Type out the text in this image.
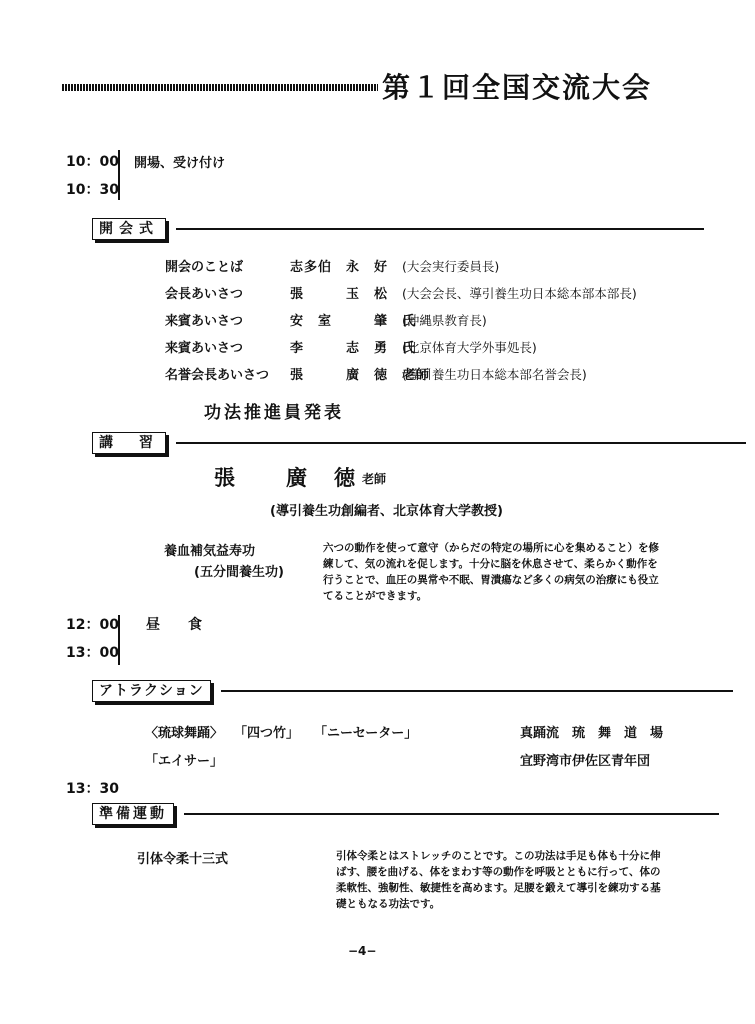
第１回全国交流大会
10：00 開場、受け付け
10：30
開会式
開会のことば	志多伯　永　好 (大会実行委員長)
会長あいさつ	張　　　玉　松 (大会会長、導引養生功日本総本部本部長)
来賓あいさつ	安　室　　　肇　氏(沖縄県教育長)
来賓あいさつ	李　　　志　勇　氏(北京体育大学外事処長)
名誉会長あいさつ 張　　　廣　徳　老師(導引養生功日本総本部名誉会長)
功法推進員発表
講　習
張　　廣　徳 老師
(導引養生功創編者、北京体育大学教授)
養血補気益寿功
(五分間養生功)
六つの動作を使って意守（からだの特定の場所に心を集めること）を修練して、気の流れを促します。十分に脳を休息させて、柔らかく動作を行うことで、血圧の異常や不眠、胃潰瘍など多くの病気の治療にも役立てることができます。
12：00 昼　　食
13：00
アトラクション
〈琉球舞踊〉 「四つ竹」 「ニーセーター」	真踊流　琉　舞　道　場
「エイサー」	宜野湾市伊佐区青年団
13：30
準備運動
引体令柔十三式	引体令柔とはストレッチのことです。この功法は手足も体も十分に伸ばす、腰を曲げる、体をまわす等の動作を呼吸とともに行って、体の柔軟性、強靭性、敏捷性を高めます。足腰を鍛えて導引を練功する基礎ともなる功法です。
−4−
